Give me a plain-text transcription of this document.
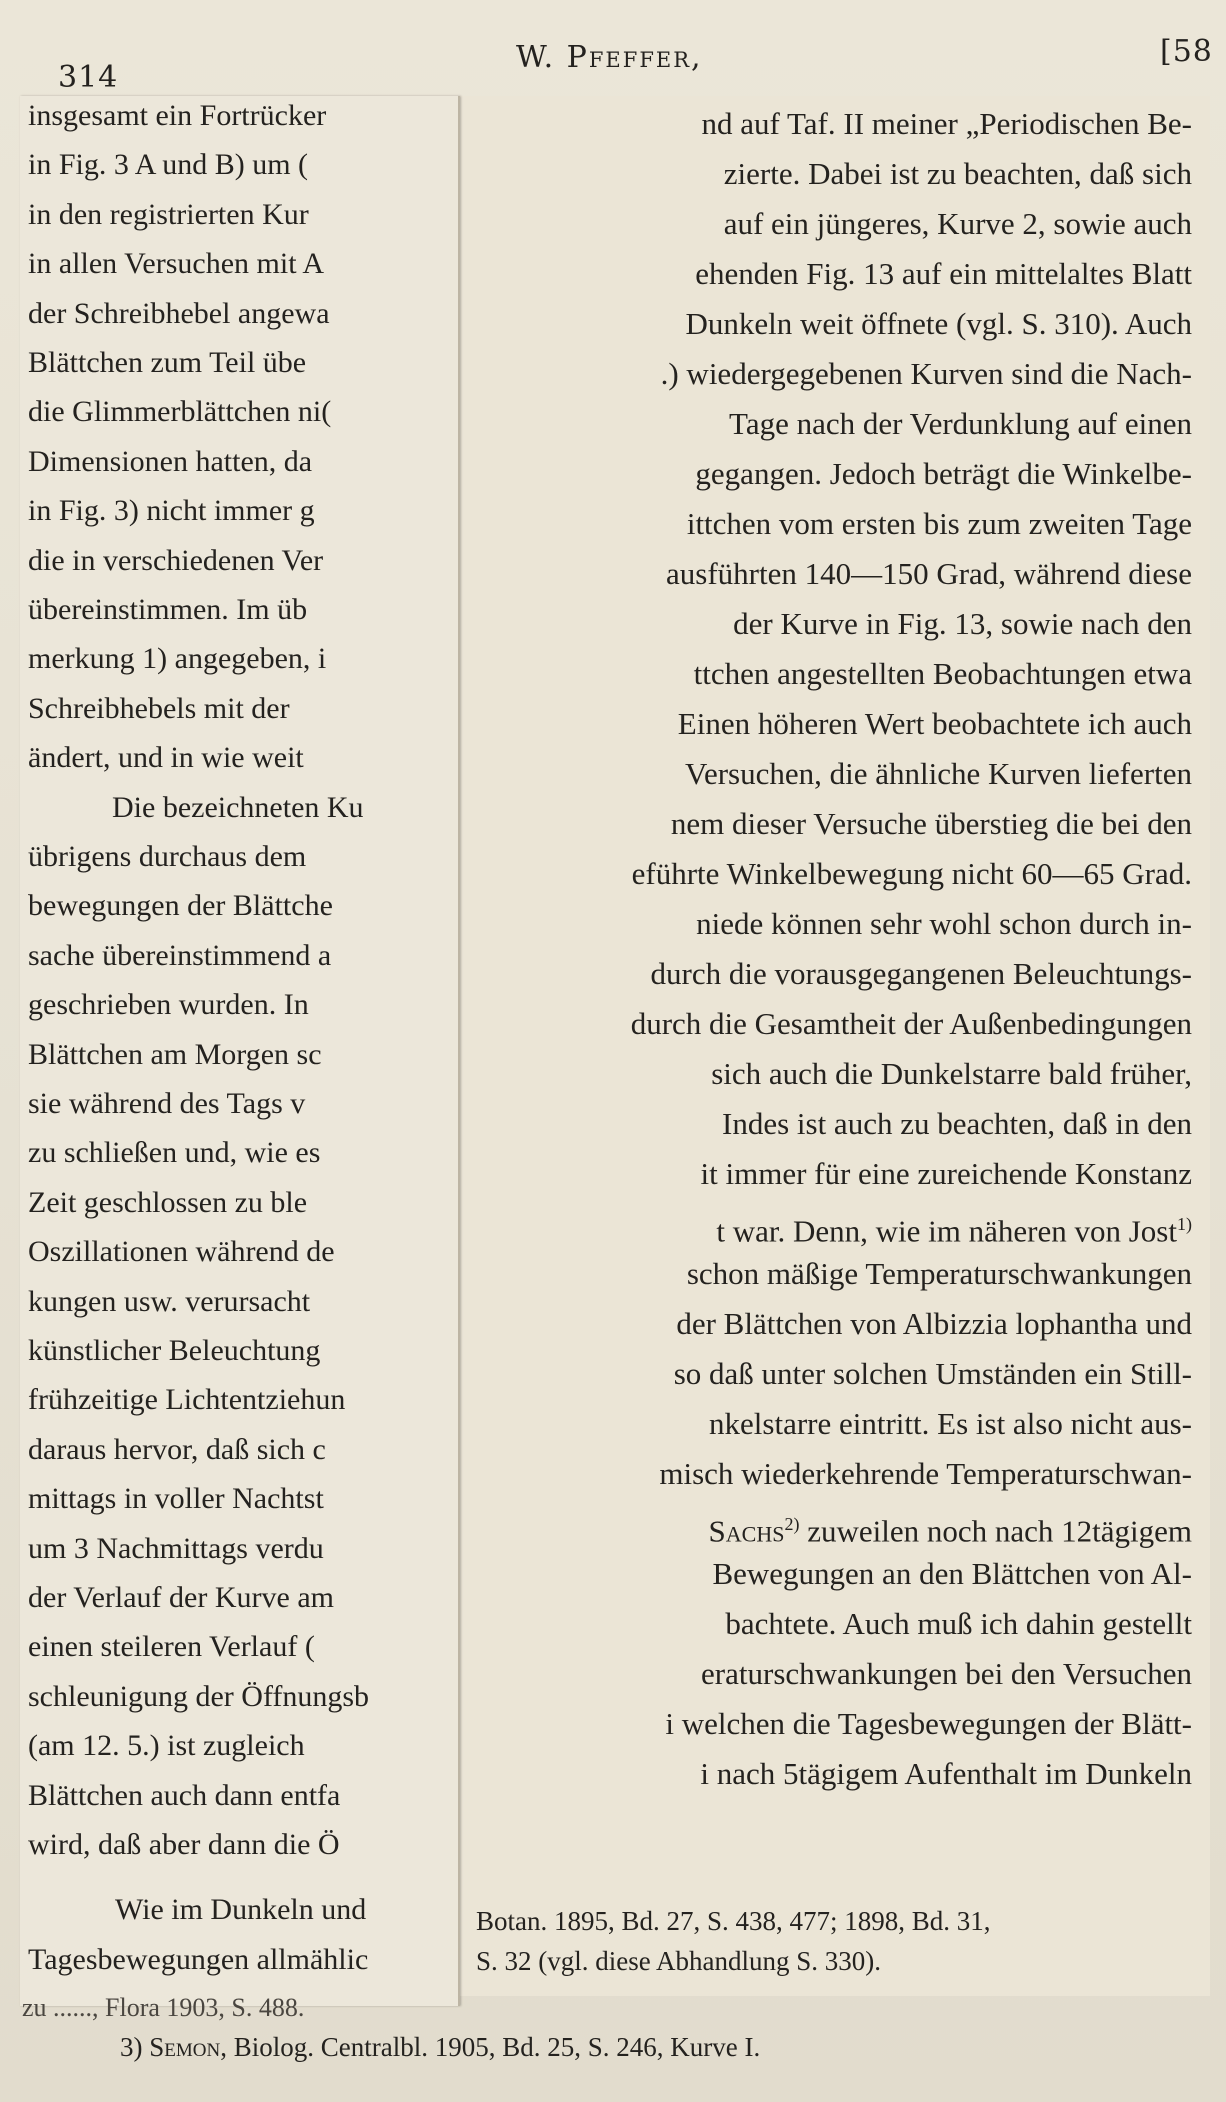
314
W. Pfeffer,	[58
nd auf Taf. II meiner „Periodischen Be-
zierte. Dabei ist zu beachten, daß sich
auf ein jüngeres, Kurve 2, sowie auch
ehenden Fig. 13 auf ein mittelaltes Blatt
Dunkeln weit öffnete (vgl. S. 310). Auch
.) wiedergegebenen Kurven sind die Nach-
Tage nach der Verdunklung auf einen
gegangen. Jedoch beträgt die Winkelbe-
ittchen vom ersten bis zum zweiten Tage
ausführten 140—150 Grad, während diese
der Kurve in Fig. 13, sowie nach den
ttchen angestellten Beobachtungen etwa
Einen höheren Wert beobachtete ich auch
Versuchen, die ähnliche Kurven lieferten
nem dieser Versuche überstieg die bei den
eführte Winkelbewegung nicht 60—65 Grad.
niede können sehr wohl schon durch in-
durch die vorausgegangenen Beleuchtungs-
durch die Gesamtheit der Außenbedingungen
sich auch die Dunkelstarre bald früher,
Indes ist auch zu beachten, daß in den
it immer für eine zureichende Konstanz
t war. Denn, wie im näheren von Jost$^{1)}$
schon mäßige Temperaturschwankungen
der Blättchen von Albizzia lophantha und
so daß unter solchen Umständen ein Still-
nkelstarre eintritt. Es ist also nicht aus-
misch wiederkehrende Temperaturschwan-
Sachs$^{2)}$ zuweilen noch nach 12tägigem
Bewegungen an den Blättchen von Al-
bachtete. Auch muß ich dahin gestellt
eraturschwankungen bei den Versuchen
i welchen die Tagesbewegungen der Blätt-
i nach 5tägigem Aufenthalt im Dunkeln
Botan. 1895, Bd. 27, S. 438, 477; 1898, Bd. 31,
S. 32 (vgl. diese Abhandlung S. 330).
insgesamt ein Fortrücker
in Fig. 3 A und B) um (
in den registrierten Kur
in allen Versuchen mit A
der Schreibhebel angewa
Blättchen zum Teil übe
die Glimmerblättchen ni(
Dimensionen hatten, da
in Fig. 3) nicht immer g
die in verschiedenen Ver
übereinstimmen. Im üb
merkung 1) angegeben, i
Schreibhebels mit der
ändert, und in wie weit
Die bezeichneten Ku
übrigens durchaus dem
bewegungen der Blättche
sache übereinstimmend a
geschrieben wurden. In
Blättchen am Morgen sc
sie während des Tags v
zu schließen und, wie es
Zeit geschlossen zu ble
Oszillationen während de
kungen usw. verursacht
künstlicher Beleuchtung
frühzeitige Lichtentziehun
daraus hervor, daß sich c
mittags in voller Nachtst
um 3 Nachmittags verdu
der Verlauf der Kurve am
einen steileren Verlauf (
schleunigung der Öffnungsb
(am 12. 5.) ist zugleich
Blättchen auch dann entfa
wird, daß aber dann die Ö
Wie im Dunkeln und
Tagesbewegungen allmählic
zu ......, Flora 1903, S. 488.
3) Semon, Biolog. Centralbl. 1905, Bd. 25, S. 246, Kurve I.
